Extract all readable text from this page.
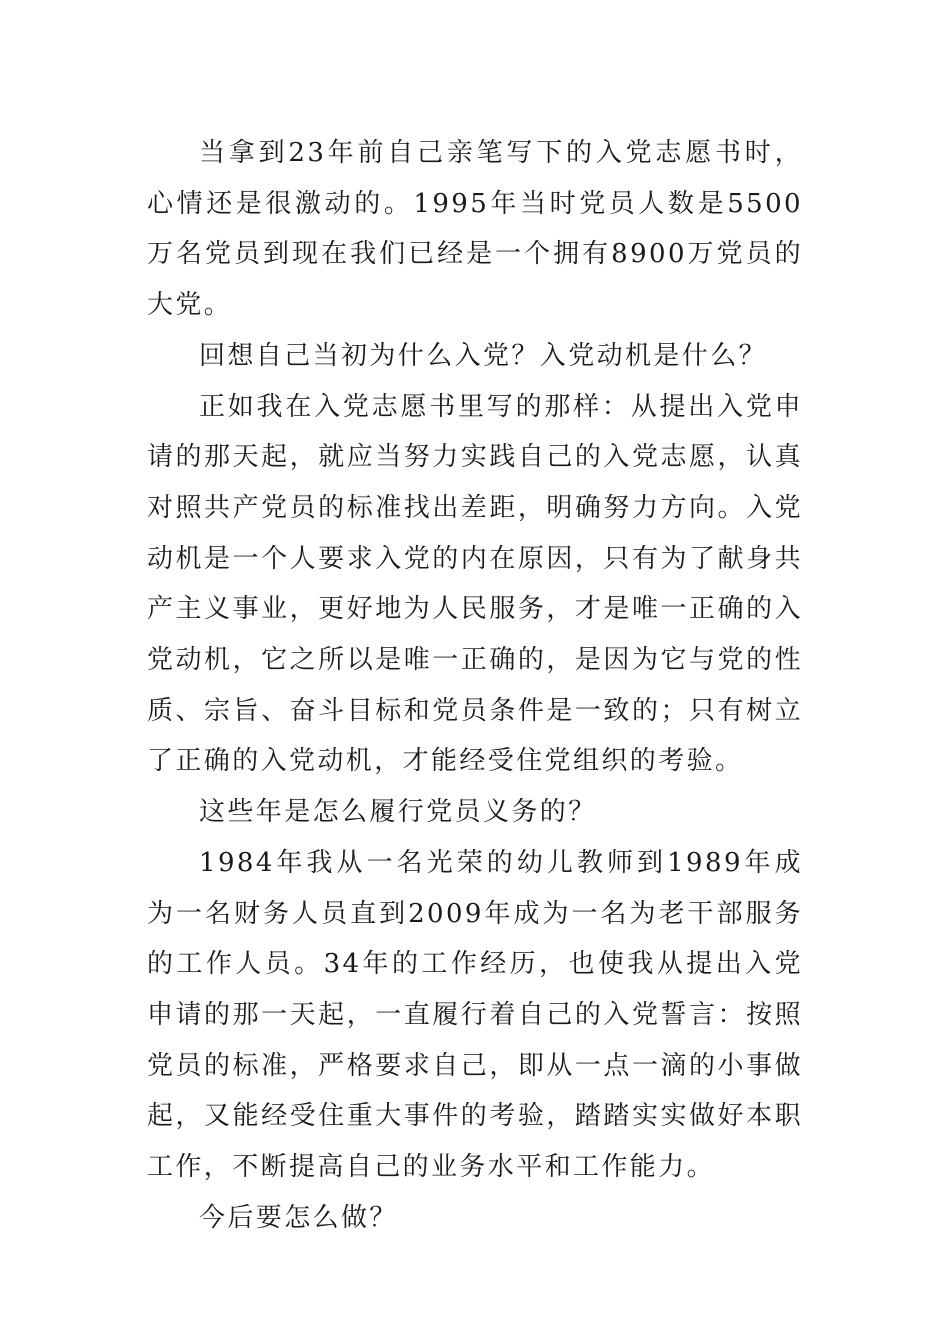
当拿到23年前自己亲笔写下的入党志愿书时，心情还是很激动的。1995年当时党员人数是5500万名党员到现在我们已经是一个拥有8900万党员的大党。

回想自己当初为什么入党？入党动机是什么？

正如我在入党志愿书里写的那样：从提出入党申请的那天起，就应当努力实践自己的入党志愿，认真对照共产党员的标准找出差距，明确努力方向。入党动机是一个人要求入党的内在原因，只有为了献身共产主义事业，更好地为人民服务，才是唯一正确的入党动机，它之所以是唯一正确的，是因为它与党的性质、宗旨、奋斗目标和党员条件是一致的；只有树立了正确的入党动机，才能经受住党组织的考验。

这些年是怎么履行党员义务的？

1984年我从一名光荣的幼儿教师到1989年成为一名财务人员直到2009年成为一名为老干部服务的工作人员。34年的工作经历，也使我从提出入党申请的那一天起，一直履行着自己的入党誓言：按照党员的标准，严格要求自己，即从一点一滴的小事做起，又能经受住重大事件的考验，踏踏实实做好本职工作，不断提高自己的业务水平和工作能力。

今后要怎么做？
